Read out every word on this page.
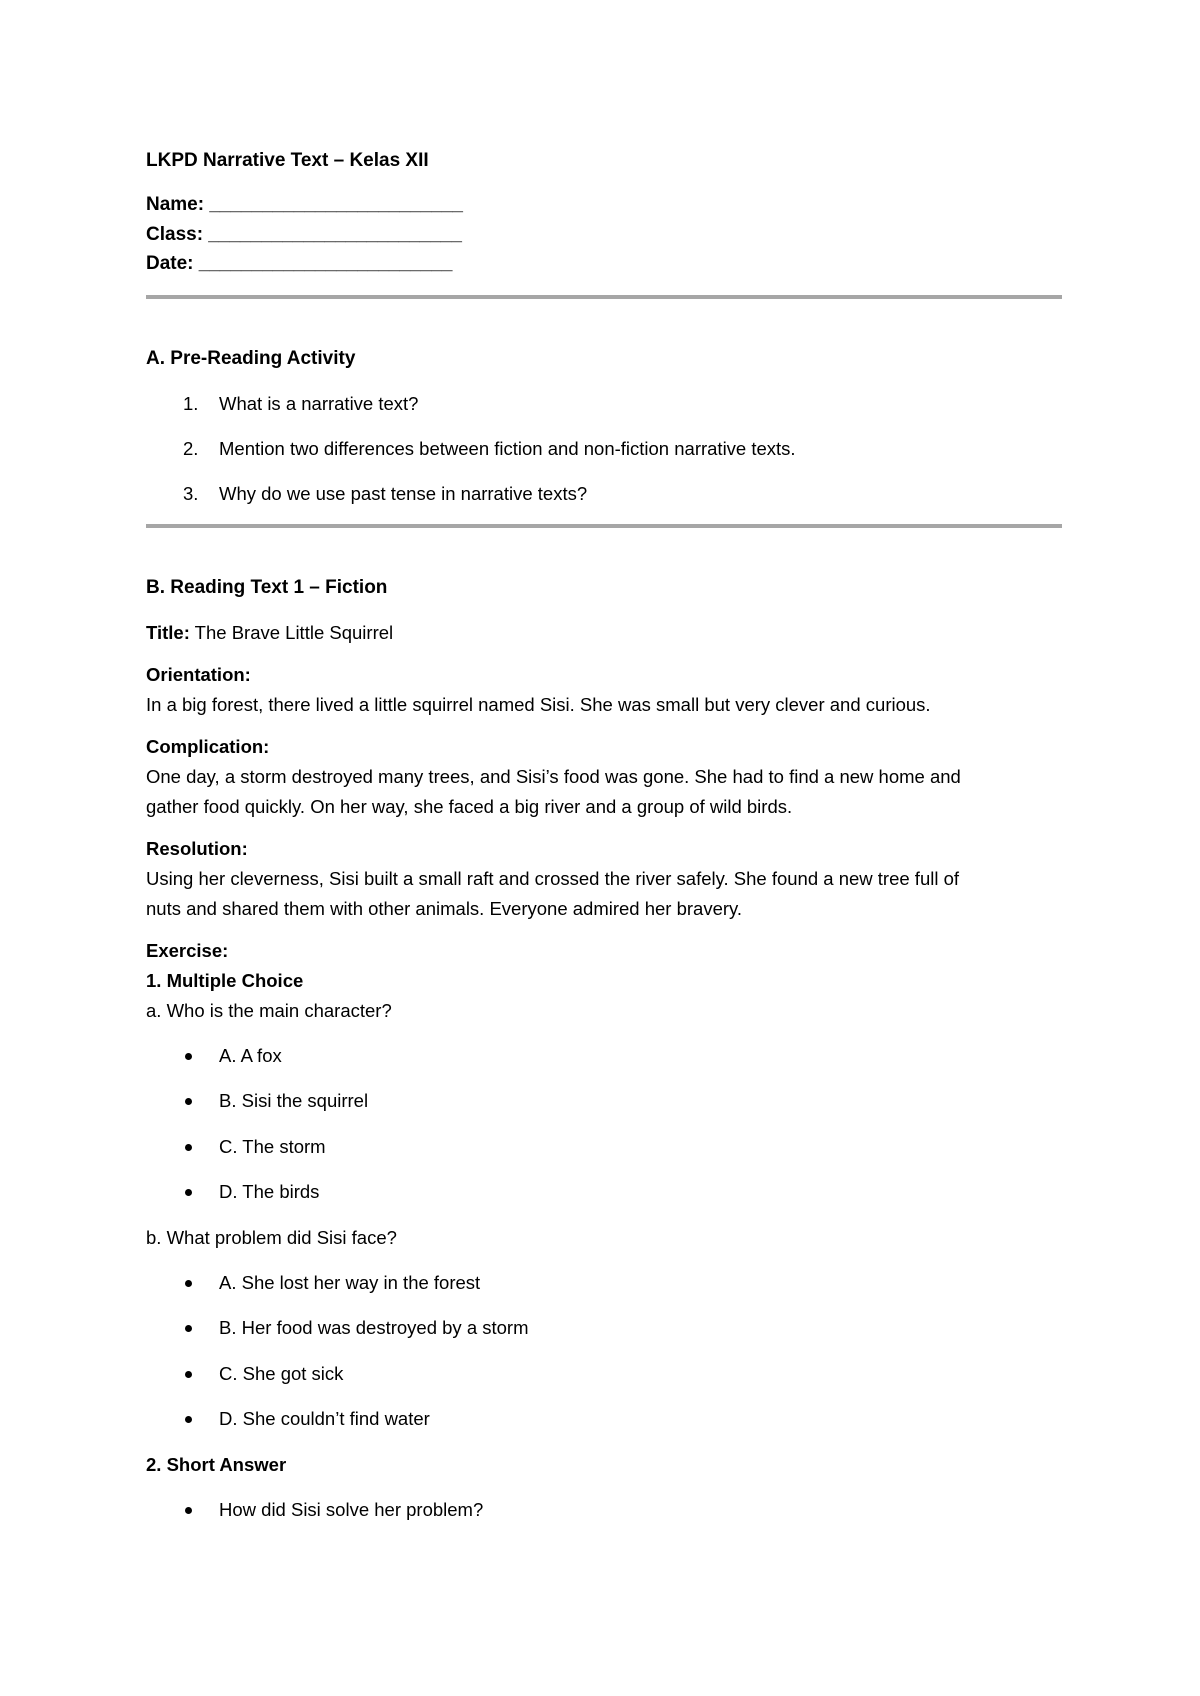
LKPD Narrative Text – Kelas XII
Name: ________________________
Class: ________________________
Date: ________________________
A. Pre-Reading Activity
1. What is a narrative text?
2. Mention two differences between fiction and non-fiction narrative texts.
3. Why do we use past tense in narrative texts?
B. Reading Text 1 – Fiction
Title: The Brave Little Squirrel
Orientation:
In a big forest, there lived a little squirrel named Sisi. She was small but very clever and curious.
Complication:
One day, a storm destroyed many trees, and Sisi’s food was gone. She had to find a new home and
gather food quickly. On her way, she faced a big river and a group of wild birds.
Resolution:
Using her cleverness, Sisi built a small raft and crossed the river safely. She found a new tree full of
nuts and shared them with other animals. Everyone admired her bravery.
Exercise:
1. Multiple Choice
a. Who is the main character?
A. A fox
B. Sisi the squirrel
C. The storm
D. The birds
b. What problem did Sisi face?
A. She lost her way in the forest
B. Her food was destroyed by a storm
C. She got sick
D. She couldn’t find water
2. Short Answer
How did Sisi solve her problem?
